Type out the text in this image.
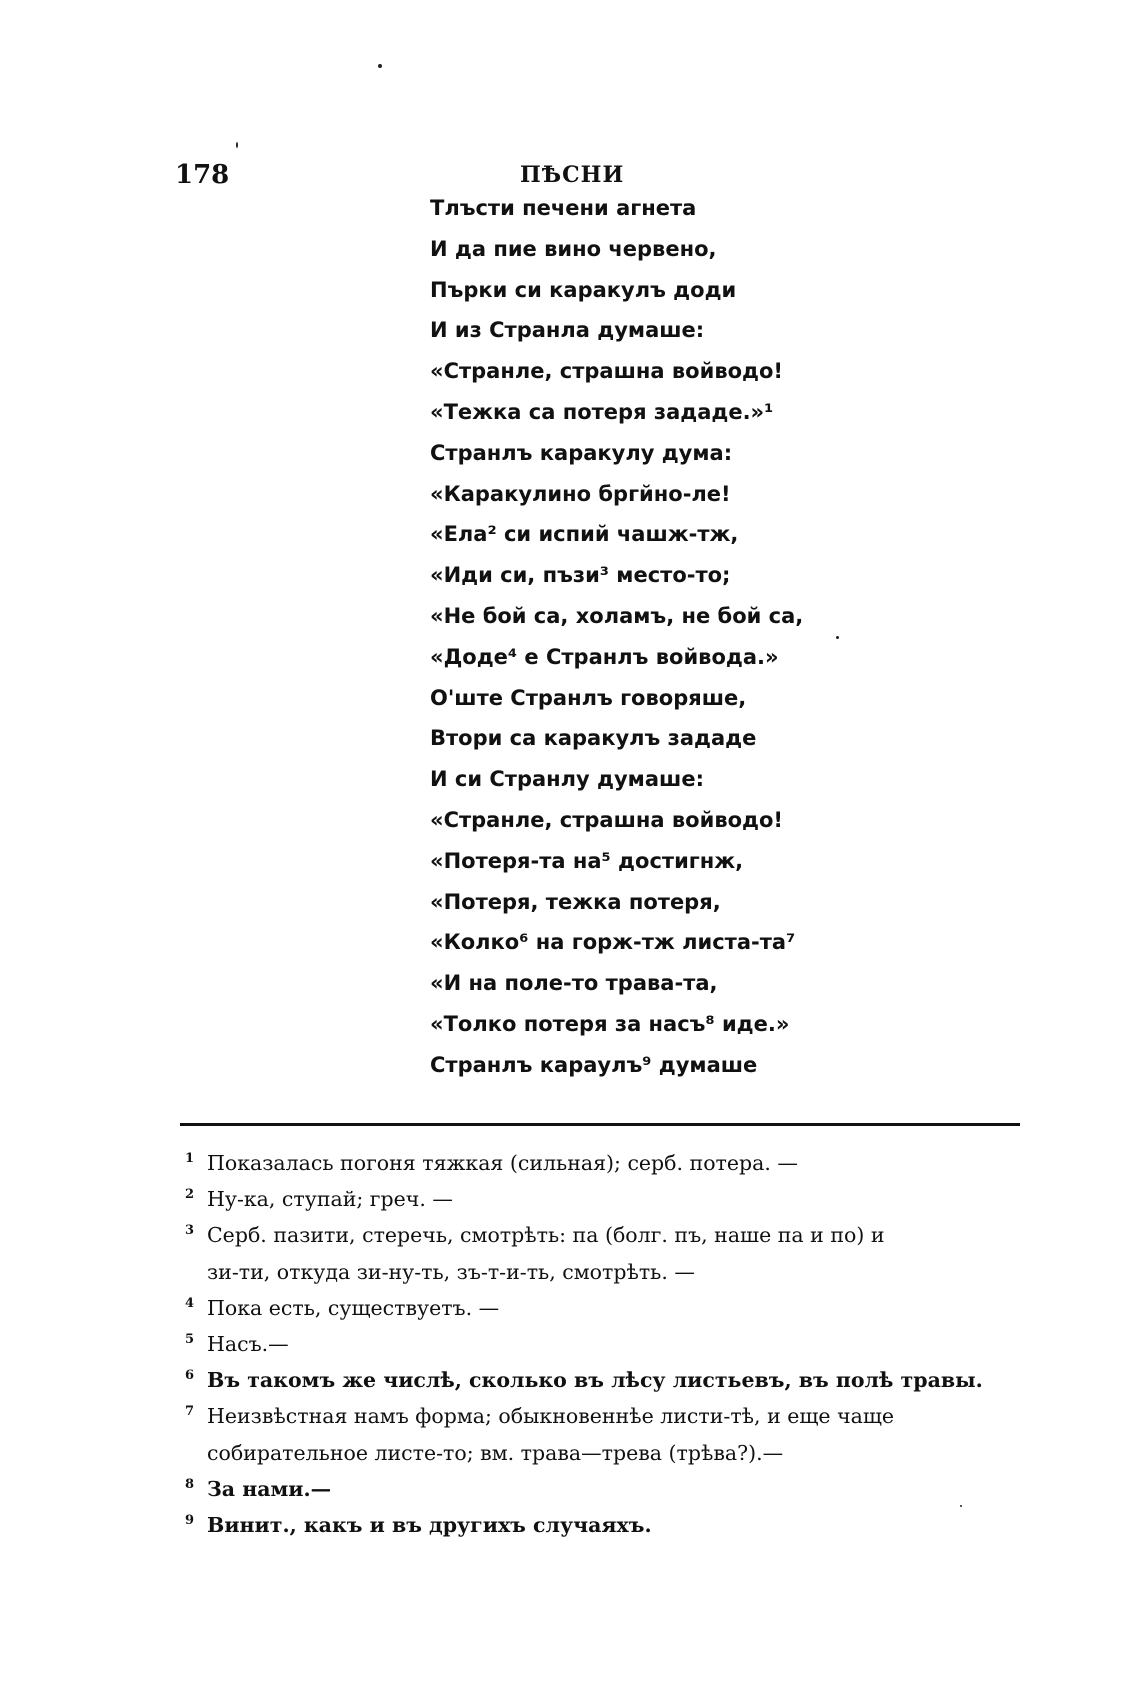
178	ПѢСНИ
Тлъсти печени агнета
И да пие вино червено,
Пърки си каракулъ доди
И из Странла думаше:
«Странле, страшна войводо!
«Тежка са потеря зададе.»¹
Странлъ каракулу дума:
«Каракулино бргйно-ле!
«Ела² си испий чашж-тж,
«Иди си, пъзи³ место-то;
«Не бой са, холамъ, не бой са,
«Доде⁴ е Странлъ войвода.»
О'ште Странлъ говоряше,
Втори са каракулъ зададе
И си Странлу думаше:
«Странле, страшна войводо!
«Потеря-та на⁵ достигнж,
«Потеря, тежка потеря,
«Колко⁶ на горж-тж листа-та⁷
«И на поле-то трава-та,
«Толко потеря за насъ⁸ иде.»
Странлъ караулъ⁹ думаше
1 Показалась погоня тяжкая (сильная); серб. потера. —
2 Ну-ка, ступай; греч. —
3 Серб. пазити, стеречь, смотрѣть: па (болг. пъ, наше па и по) и
зи-ти, откуда зи-ну-ть, зъ-т-и-ть, смотрѣть. —
4 Пока есть, существуетъ. —
5 Насъ.—
6 Въ такомъ же числѣ, сколько въ лѣсу листьевъ, въ полѣ травы.
7 Неизвѣстная намъ форма; обыкновеннѣе листи-тѣ, и еще чаще
собирательное листе-то; вм. трава—трева (трѣва?).—
8 За нами.—
9 Винит., какъ и въ другихъ случаяхъ.
